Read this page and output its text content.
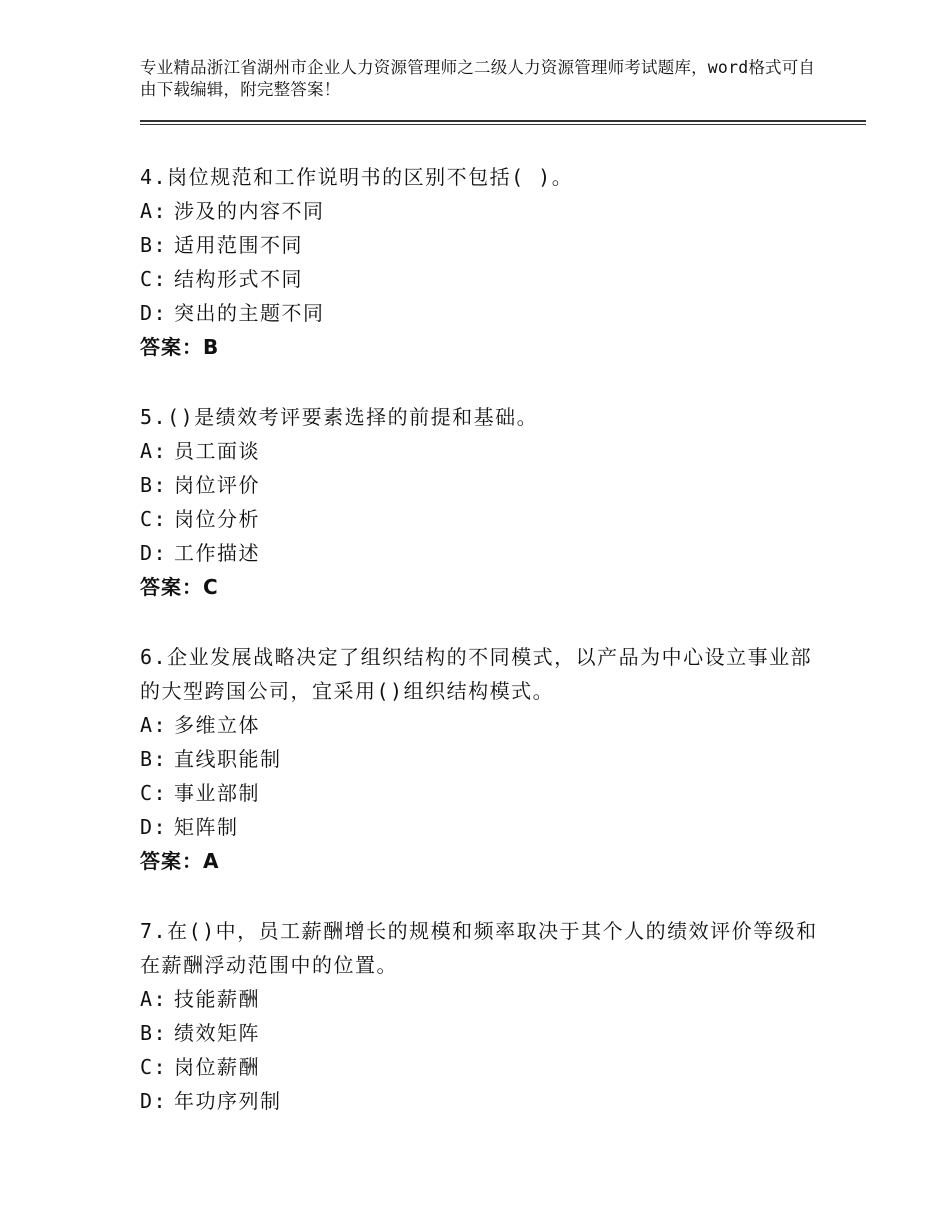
专业精品浙江省湖州市企业人力资源管理师之二级人力资源管理师考试题库，word格式可自由下载编辑，附完整答案！
4.岗位规范和工作说明书的区别不包括( )。
A: 涉及的内容不同
B: 适用范围不同
C: 结构形式不同
D: 突出的主题不同
答案：B
5.()是绩效考评要素选择的前提和基础。
A: 员工面谈
B: 岗位评价
C: 岗位分析
D: 工作描述
答案：C
6.企业发展战略决定了组织结构的不同模式，以产品为中心设立事业部的大型跨国公司，宜采用()组织结构模式。
A: 多维立体
B: 直线职能制
C: 事业部制
D: 矩阵制
答案：A
7.在()中，员工薪酬增长的规模和频率取决于其个人的绩效评价等级和在薪酬浮动范围中的位置。
A: 技能薪酬
B: 绩效矩阵
C: 岗位薪酬
D: 年功序列制
